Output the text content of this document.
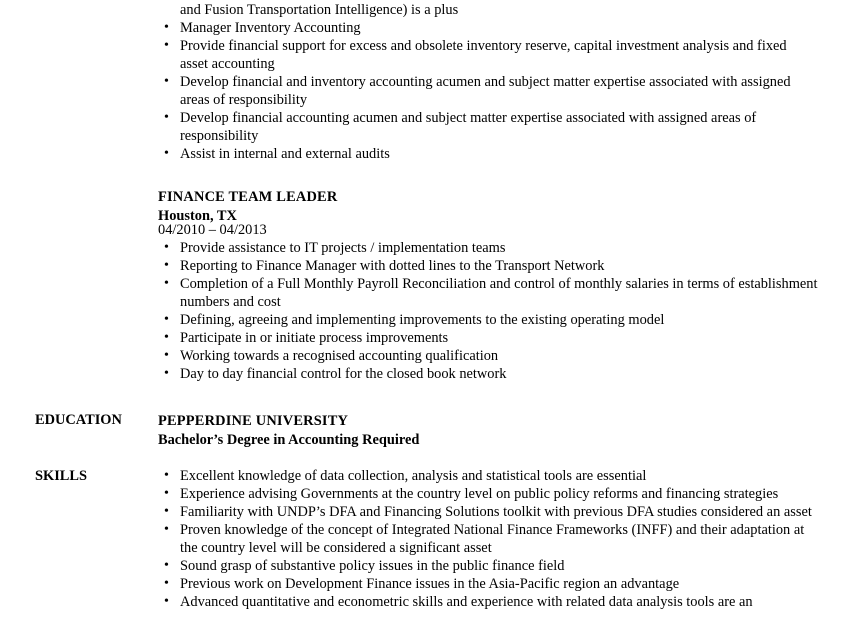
and Fusion Transportation Intelligence) is a plus
• Manager Inventory Accounting
• Provide financial support for excess and obsolete inventory reserve, capital investment analysis and fixed asset accounting
• Develop financial and inventory accounting acumen and subject matter expertise associated with assigned areas of responsibility
• Develop financial accounting acumen and subject matter expertise associated with assigned areas of responsibility
• Assist in internal and external audits
FINANCE TEAM LEADER
Houston, TX
04/2010 – 04/2013
• Provide assistance to IT projects / implementation teams
• Reporting to Finance Manager with dotted lines to the Transport Network
• Completion of a Full Monthly Payroll Reconciliation and control of monthly salaries in terms of establishment numbers and cost
• Defining, agreeing and implementing improvements to the existing operating model
• Participate in or initiate process improvements
• Working towards a recognised accounting qualification
• Day to day financial control for the closed book network
EDUCATION	PEPPERDINE UNIVERSITY
Bachelor’s Degree in Accounting Required
SKILLS	• Excellent knowledge of data collection, analysis and statistical tools are essential
• Experience advising Governments at the country level on public policy reforms and financing strategies
• Familiarity with UNDP’s DFA and Financing Solutions toolkit with previous DFA studies considered an asset
• Proven knowledge of the concept of Integrated National Finance Frameworks (INFF) and their adaptation at the country level will be considered a significant asset
• Sound grasp of substantive policy issues in the public finance field
• Previous work on Development Finance issues in the Asia-Pacific region an advantage
• Advanced quantitative and econometric skills and experience with related data analysis tools are an
